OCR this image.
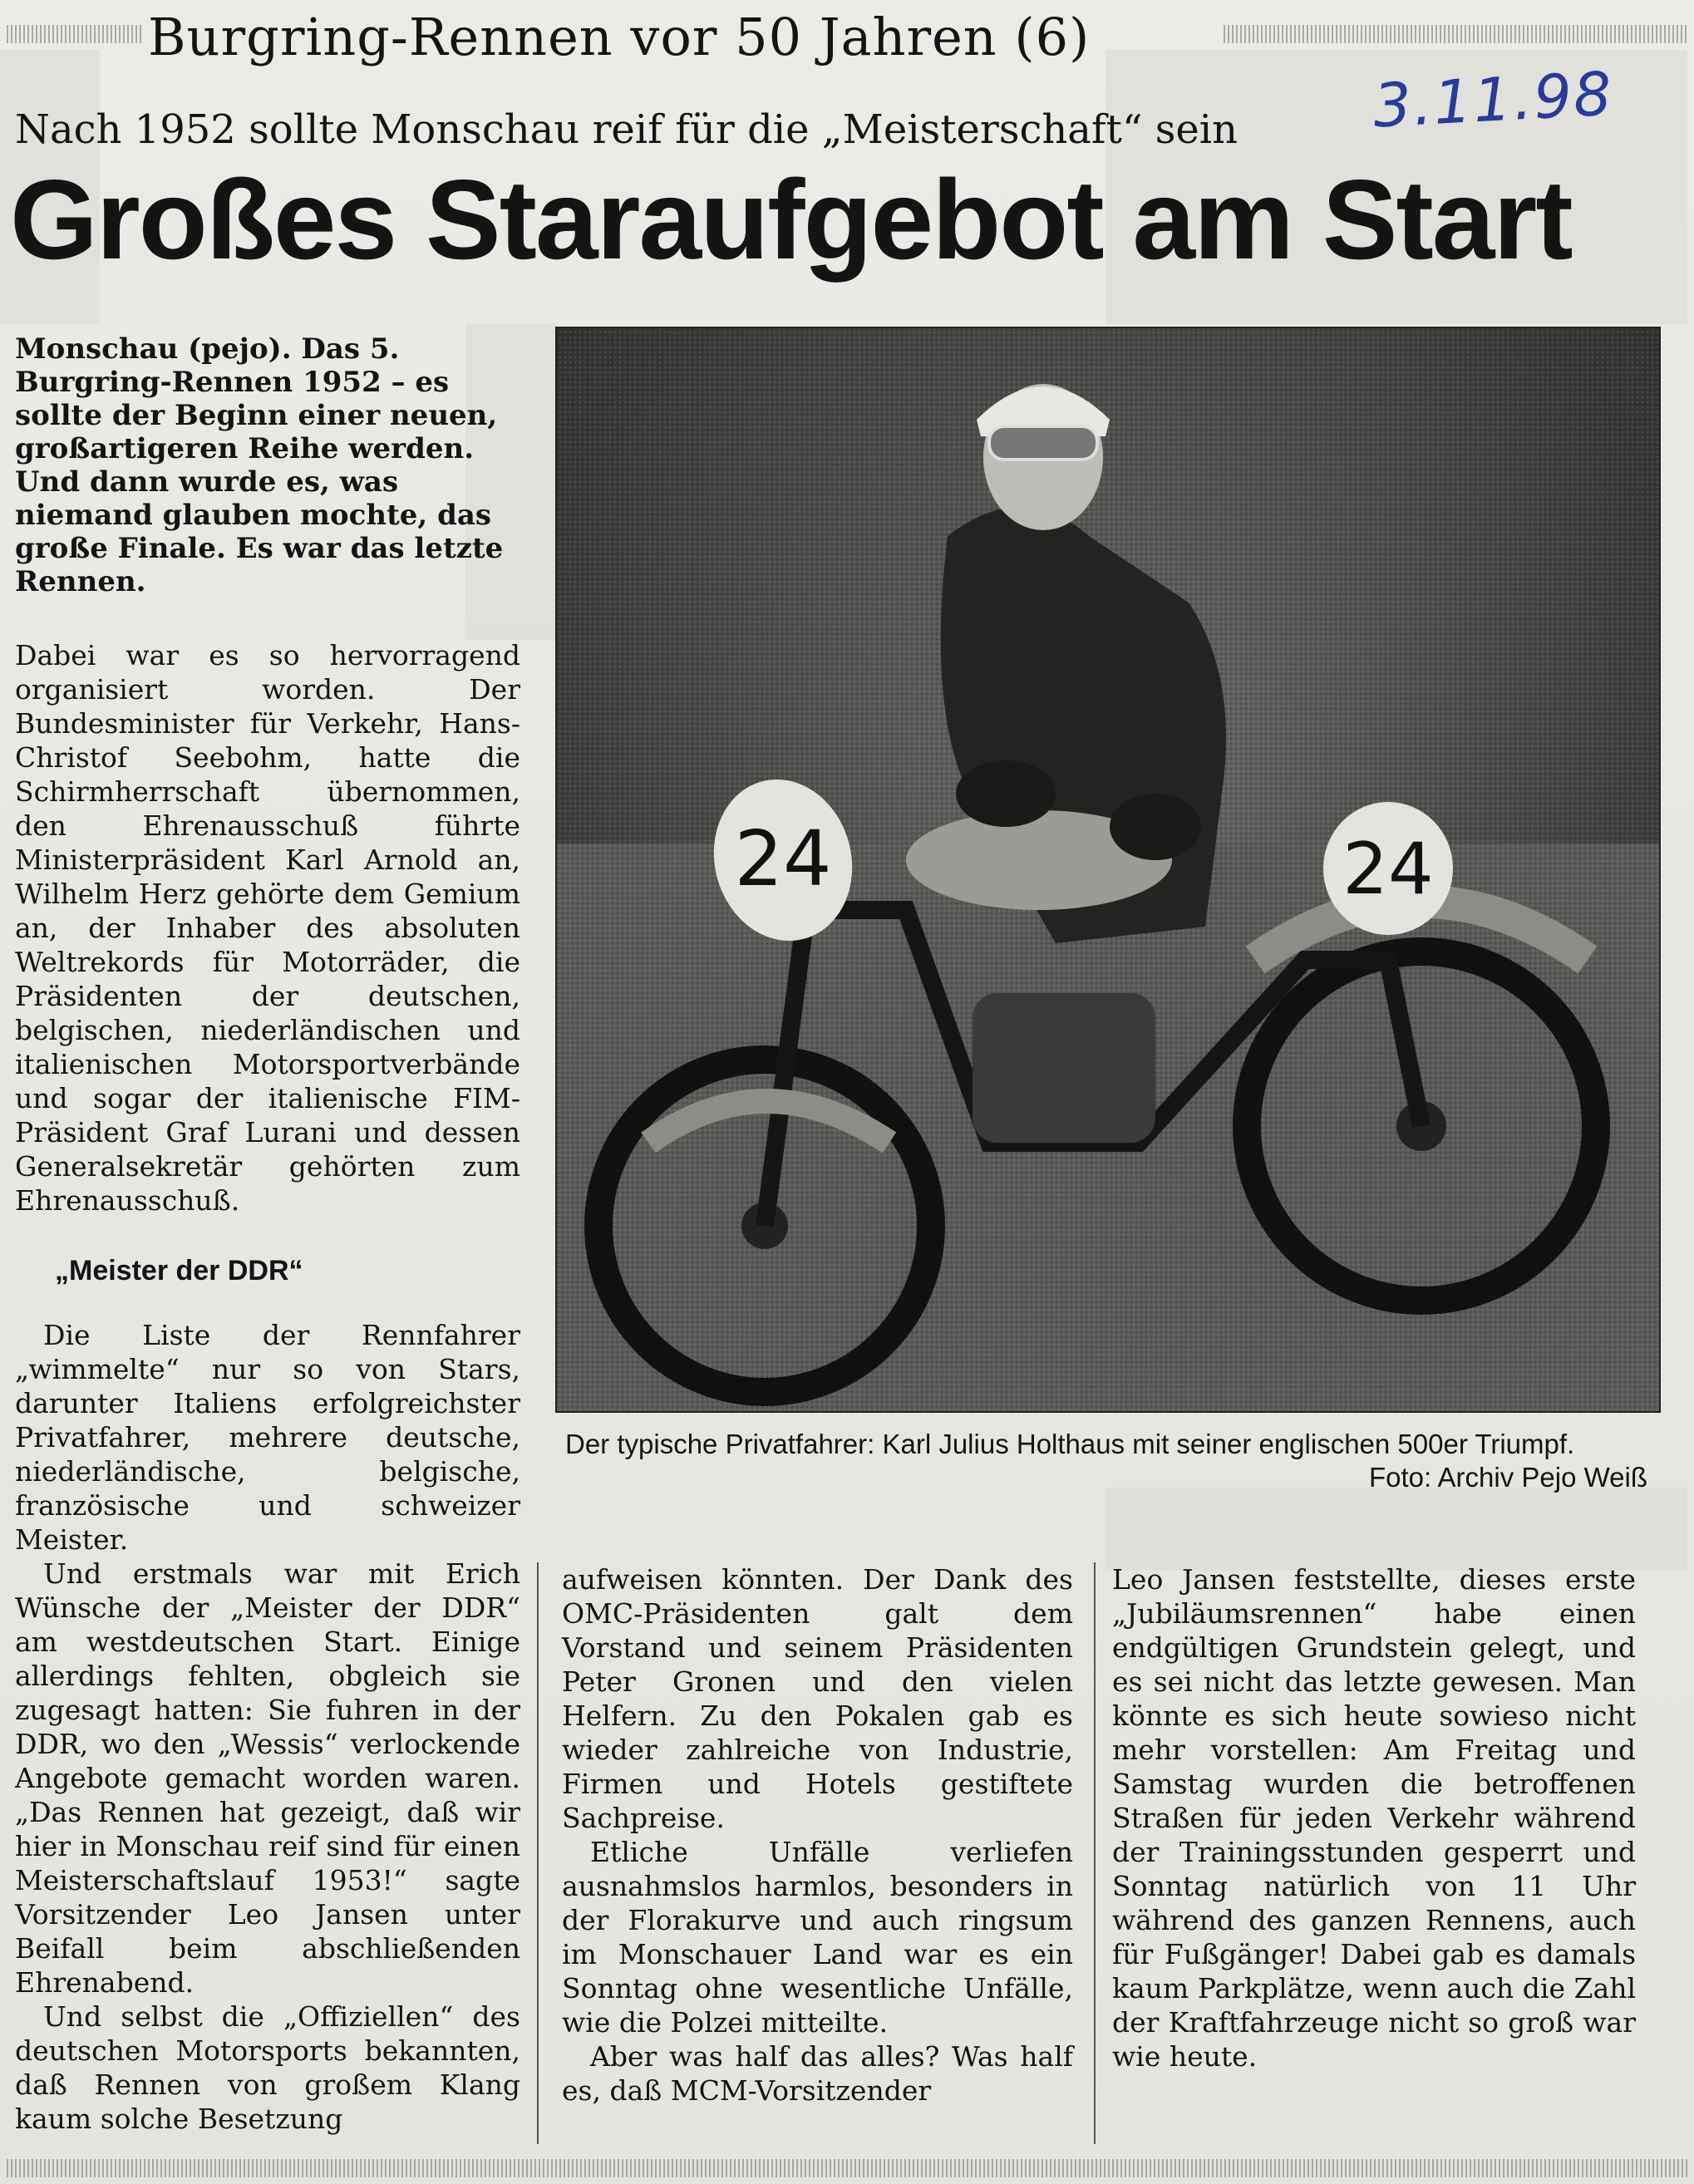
Burgring-Rennen vor 50 Jahren (6)
3.11.98
Nach 1952 sollte Monschau reif für die „Meisterschaft“ sein
Großes Staraufgebot am Start

Monschau (pejo). Das 5. Burgring-Rennen 1952 – es sollte der Beginn einer neuen, großartigeren Reihe werden. Und dann wurde es, was niemand glauben mochte, das große Finale. Es war das letzte Rennen.

Dabei war es so hervorragend organisiert worden. Der Bundesminister für Verkehr, Hans-Christof Seebohm, hatte die Schirmherrschaft übernommen, den Ehrenausschuß führte Ministerpräsident Karl Arnold an, Wilhelm Herz gehörte dem Gemium an, der Inhaber des absoluten Weltrekords für Motorräder, die Präsidenten der deutschen, belgischen, niederländischen und italienischen Motorsportverbände und sogar der italienische FIM-Präsident Graf Lurani und dessen Generalsekretär gehörten zum Ehrenausschuß.

„Meister der DDR“

Die Liste der Rennfahrer „wimmelte“ nur so von Stars, darunter Italiens erfolgreichster Privatfahrer, mehrere deutsche, niederländische, belgische, französische und schweizer Meister.

Und erstmals war mit Erich Wünsche der „Meister der DDR“ am westdeutschen Start. Einige allerdings fehlten, obgleich sie zugesagt hatten: Sie fuhren in der DDR, wo den „Wessis“ verlockende Angebote gemacht worden waren. „Das Rennen hat gezeigt, daß wir hier in Monschau reif sind für einen Meisterschaftslauf 1953!“ sagte Vorsitzender Leo Jansen unter Beifall beim abschließenden Ehrenabend.

Und selbst die „Offiziellen“ des deutschen Motorsports bekannten, daß Rennen von großem Klang kaum solche Besetzung

24	24
Der typische Privatfahrer: Karl Julius Holthaus mit seiner englischen 500er Triumpf.
Foto: Archiv Pejo Weiß

aufweisen könnten. Der Dank des OMC-Präsidenten galt dem Vorstand und seinem Präsidenten Peter Gronen und den vielen Helfern. Zu den Pokalen gab es wieder zahlreiche von Industrie, Firmen und Hotels gestiftete Sachpreise.

Etliche Unfälle verliefen ausnahmslos harmlos, besonders in der Florakurve und auch ringsum im Monschauer Land war es ein Sonntag ohne wesentliche Unfälle, wie die Polzei mitteilte.

Aber was half das alles? Was half es, daß MCM-Vorsitzender

Leo Jansen feststellte, dieses erste „Jubiläumsrennen“ habe einen endgültigen Grundstein gelegt, und es sei nicht das letzte gewesen. Man könnte es sich heute sowieso nicht mehr vorstellen: Am Freitag und Samstag wurden die betroffenen Straßen für jeden Verkehr während der Trainingsstunden gesperrt und Sonntag natürlich von 11 Uhr während des ganzen Rennens, auch für Fußgänger! Dabei gab es damals kaum Parkplätze, wenn auch die Zahl der Kraftfahrzeuge nicht so groß war wie heute.
